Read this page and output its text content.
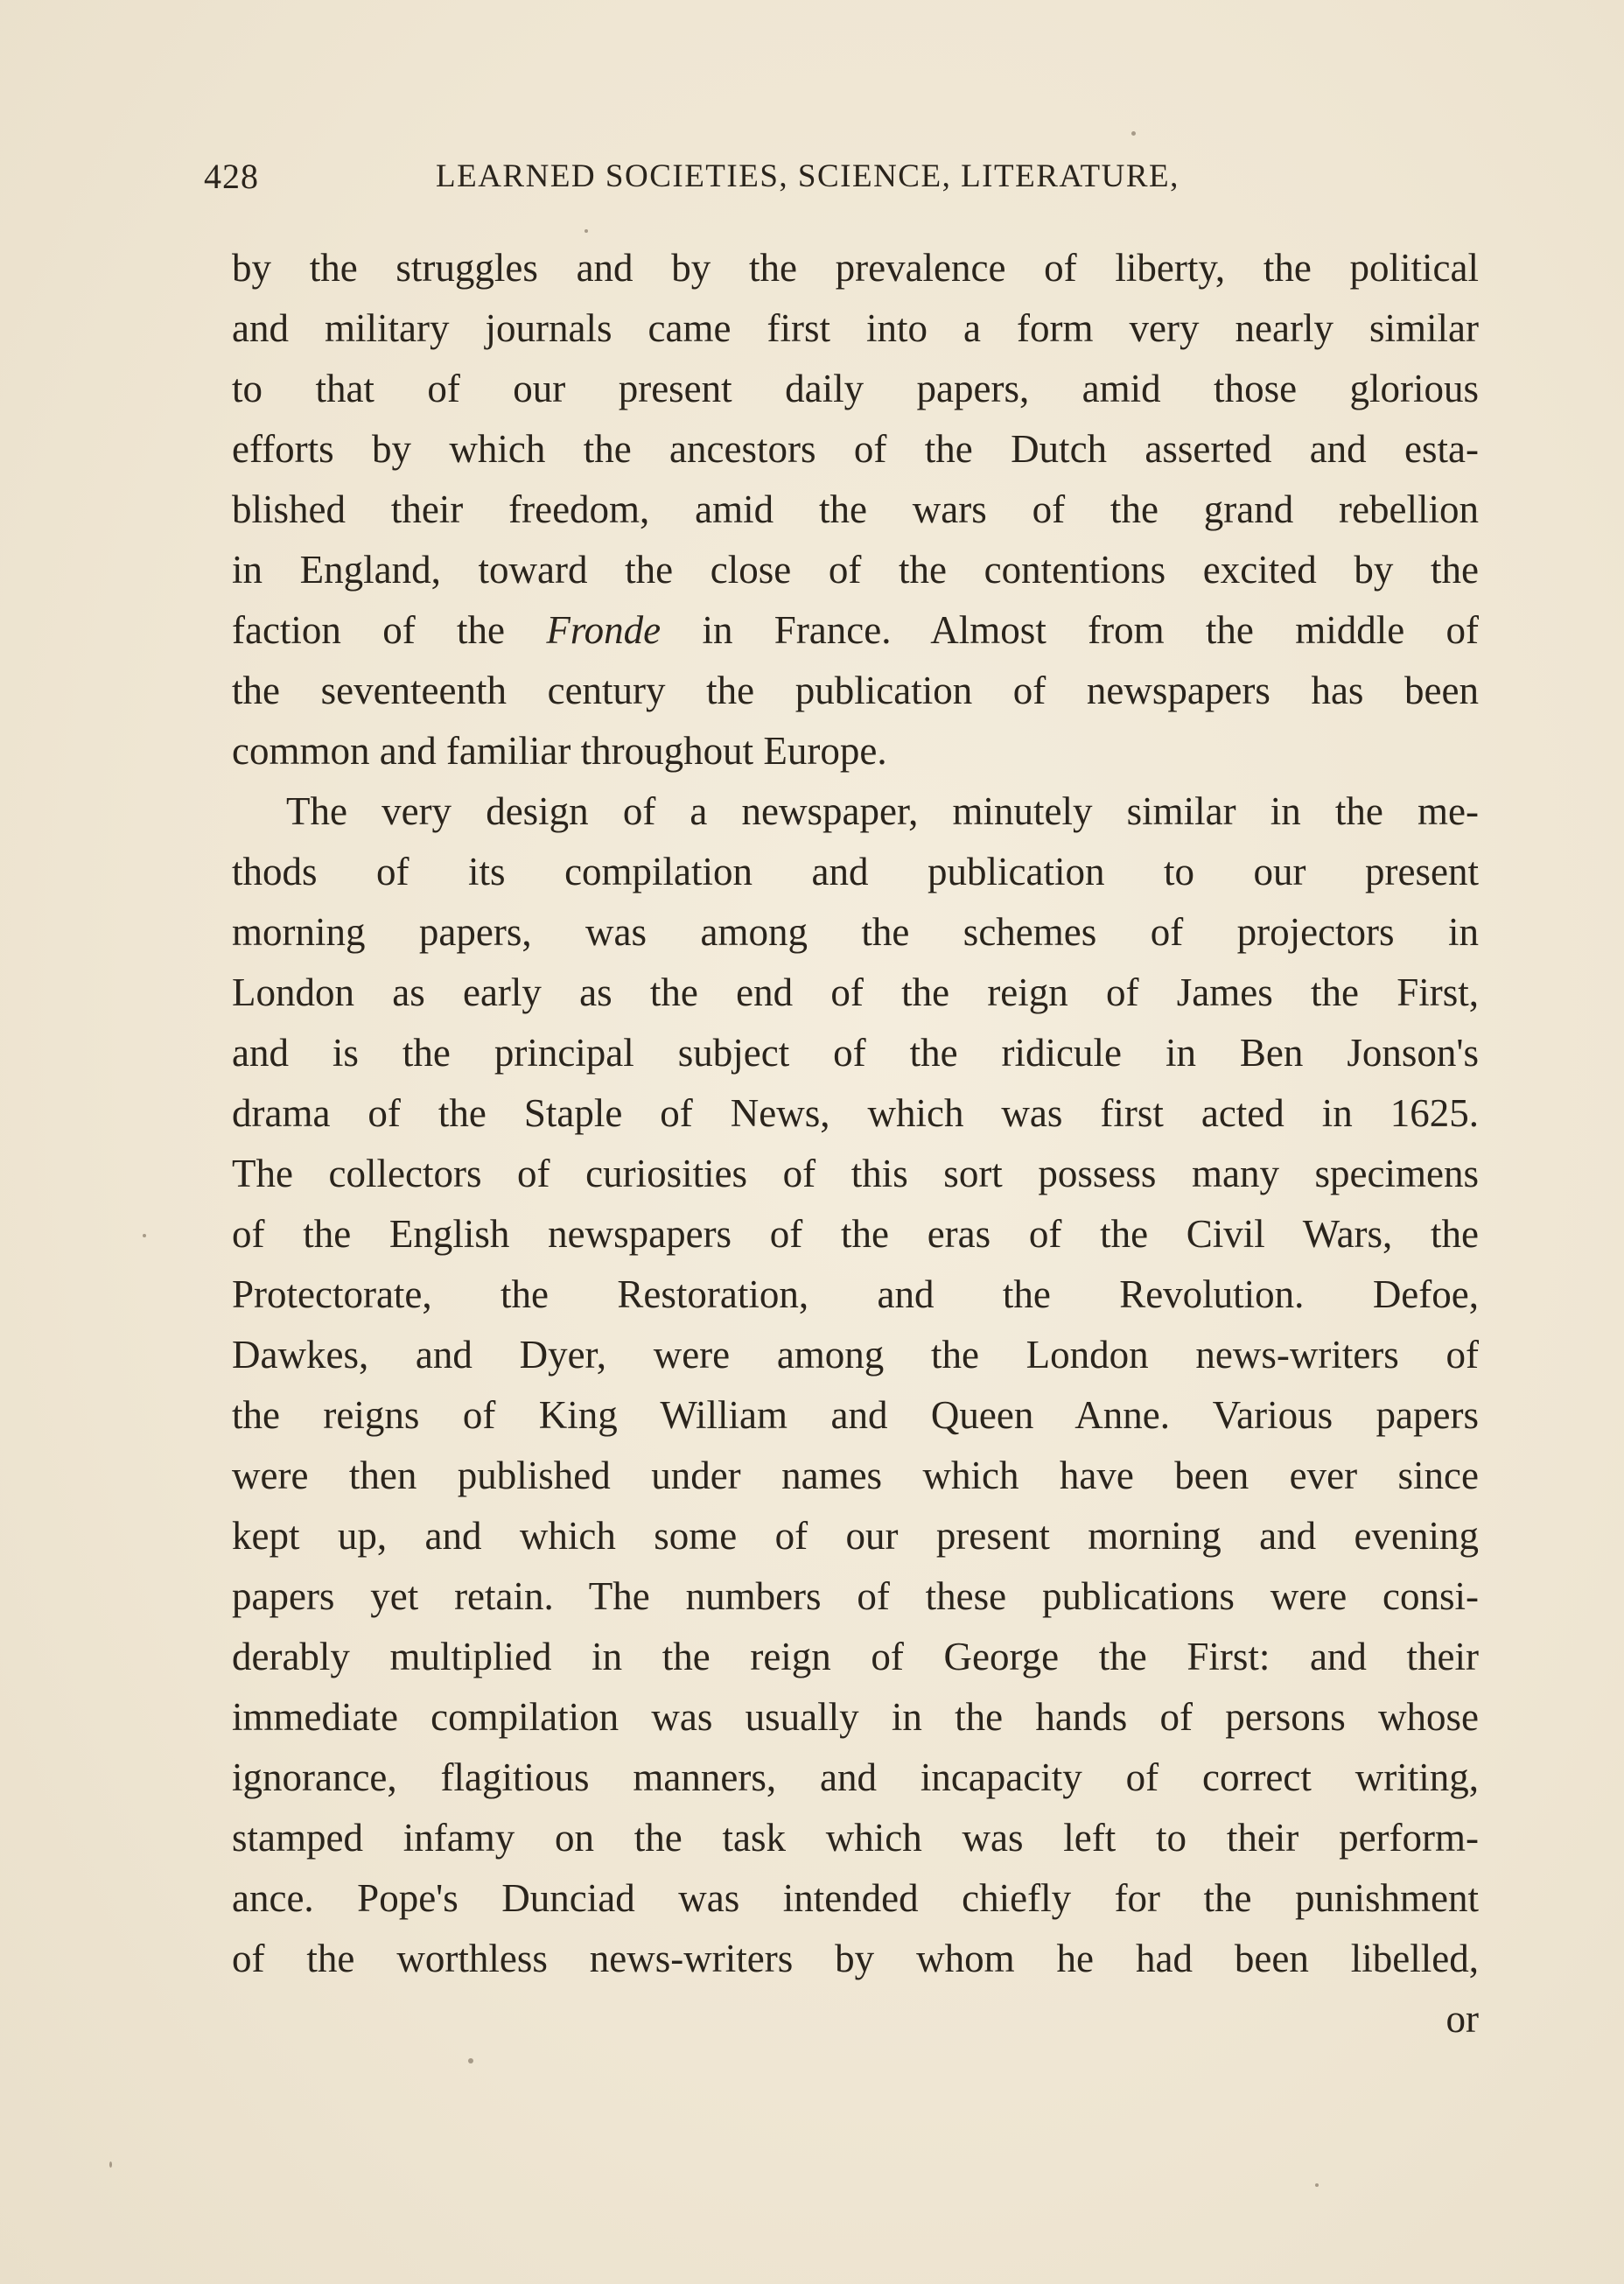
428	LEARNED SOCIETIES, SCIENCE, LITERATURE,
by the struggles and by the prevalence of liberty, the political
and military journals came first into a form very nearly similar
to that of our present daily papers, amid those glorious
efforts by which the ancestors of the Dutch asserted and esta-
blished their freedom, amid the wars of the grand rebellion
in England, toward the close of the contentions excited by the
faction of the Fronde in France. Almost from the middle of
the seventeenth century the publication of newspapers has been
common and familiar throughout Europe.
The very design of a newspaper, minutely similar in the me-
thods of its compilation and publication to our present
morning papers, was among the schemes of projectors in
London as early as the end of the reign of James the First,
and is the principal subject of the ridicule in Ben Jonson's
drama of the Staple of News, which was first acted in 1625.
The collectors of curiosities of this sort possess many specimens
of the English newspapers of the eras of the Civil Wars, the
Protectorate, the Restoration, and the Revolution. Defoe,
Dawkes, and Dyer, were among the London news-writers of
the reigns of King William and Queen Anne. Various papers
were then published under names which have been ever since
kept up, and which some of our present morning and evening
papers yet retain. The numbers of these publications were consi-
derably multiplied in the reign of George the First: and their
immediate compilation was usually in the hands of persons whose
ignorance, flagitious manners, and incapacity of correct writing,
stamped infamy on the task which was left to their perform-
ance. Pope's Dunciad was intended chiefly for the punishment
of the worthless news-writers by whom he had been libelled,
or
